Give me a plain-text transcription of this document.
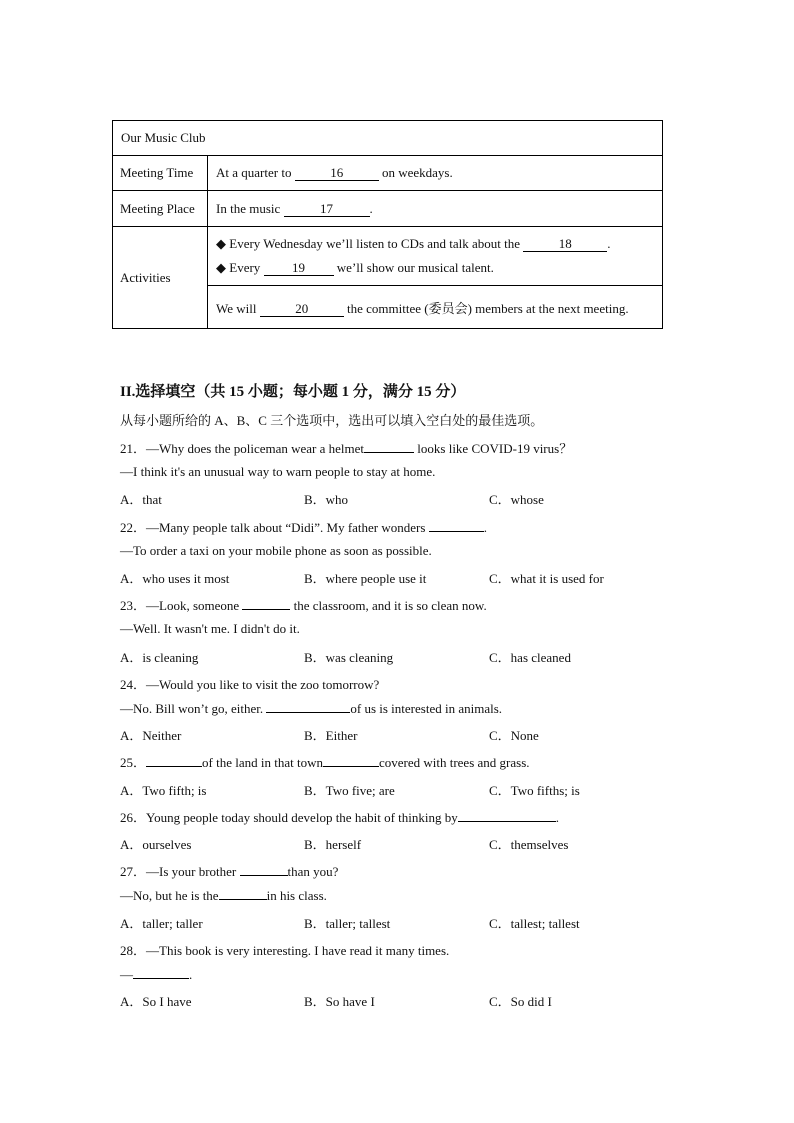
Our Music Club	
Meeting Time	At a quarter to 16 on weekdays.
Meeting Place	In the music 17 .
Activities	◆ Every Wednesday we’ll listen to CDs and talk about the 18 .
◆ Every 19 we’ll show our musical talent.

	We will 20 the committee (委员会) members at the next meeting.
II.选择填空（共 15 小题；每小题 1 分，满分 15 分）
从每小题所给的 A、B、C 三个选项中，选出可以填入空白处的最佳选项。
21．—Why does the policeman wear a helmet	looks like COVID-19 virus？
—I think it's an unusual way to warn people to stay at home.
A．that	B．who	C．whose
22．—Many people talk about “Didi”. My father wonders	.
—To order a taxi on your mobile phone as soon as possible.
A．who uses it most	B．where people use it	C．what it is used for
23．—Look, someone	the classroom, and it is so clean now.
—Well. It wasn't me. I didn't do it.
A．is cleaning	B．was cleaning	C．has cleaned
24．—Would you like to visit the zoo tomorrow?
—No. Bill won’t go, either.	of us is interested in animals.
A．Neither	B．Either	C．None
25．	of the land in that town	covered with trees and grass.
A．Two fifth; is	B．Two five; are	C．Two fifths; is
26．Young people today should develop the habit of thinking by	.
A．ourselves	B．herself	C．themselves
27．—Is your brother	than you?
—No, but he is the	in his class.
A．taller; taller	B．taller; tallest	C．tallest; tallest
28．—This book is very interesting. I have read it many times.
—	.
A．So I have	B．So have I	C．So did I
